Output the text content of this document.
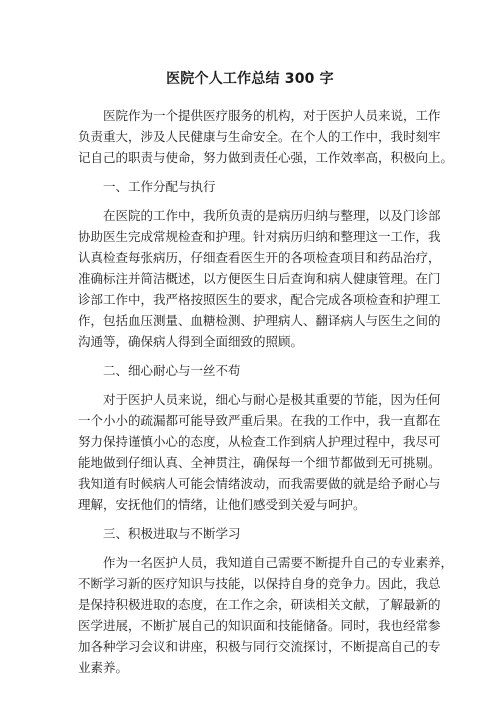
医院个人工作总结 300 字
医院作为一个提供医疗服务的机构，对于医护人员来说，工作
负责重大，涉及人民健康与生命安全。在个人的工作中，我时刻牢
记自己的职责与使命，努力做到责任心强，工作效率高，积极向上。
一、工作分配与执行
在医院的工作中，我所负责的是病历归纳与整理，以及门诊部
协助医生完成常规检查和护理。针对病历归纳和整理这一工作，我
认真检查每张病历，仔细查看医生开的各项检查项目和药品治疗，
准确标注并简洁概述，以方便医生日后查询和病人健康管理。在门
诊部工作中，我严格按照医生的要求，配合完成各项检查和护理工
作，包括血压测量、血糖检测、护理病人、翻译病人与医生之间的
沟通等，确保病人得到全面细致的照顾。
二、细心耐心与一丝不苟
对于医护人员来说，细心与耐心是极其重要的节能，因为任何
一个小小的疏漏都可能导致严重后果。在我的工作中，我一直都在
努力保持谨慎小心的态度，从检查工作到病人护理过程中，我尽可
能地做到仔细认真、全神贯注，确保每一个细节都做到无可挑剔。
我知道有时候病人可能会情绪波动，而我需要做的就是给予耐心与
理解，安抚他们的情绪，让他们感受到关爱与呵护。
三、积极进取与不断学习
作为一名医护人员，我知道自己需要不断提升自己的专业素养，
不断学习新的医疗知识与技能，以保持自身的竞争力。因此，我总
是保持积极进取的态度，在工作之余，研读相关文献，了解最新的
医学进展，不断扩展自己的知识面和技能储备。同时，我也经常参
加各种学习会议和讲座，积极与同行交流探讨，不断提高自己的专
业素养。
